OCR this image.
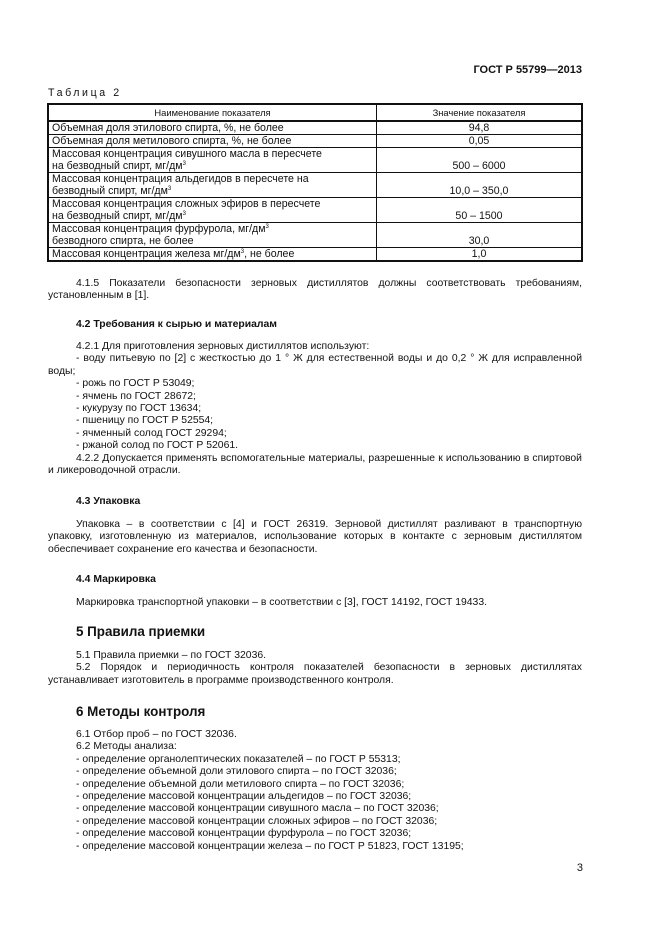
ГОСТ Р 55799—2013
Таблица 2
Наименование показателя	Значение показателя
Объемная доля этилового спирта, %, не более	94,8
Объемная доля метилового спирта, %, не более	0,05
Массовая концентрация сивушного масла в пересчете
на безводный спирт, $мг/дм^3$	500 – 6000
Массовая концентрация альдегидов в пересчете на
безводный спирт, $мг/дм^3$	10,0 – 350,0
Массовая концентрация сложных эфиров в пересчете
на безводный спирт, $мг/дм^3$	50 – 1500
Массовая концентрация фурфурола, $мг/дм^3$
безводного спирта, не более	30,0
Массовая концентрация железа $мг/дм^3$, не более	1,0
4.1.5 Показатели безопасности зерновых дистиллятов должны соответствовать требованиям, установленным в [1].
4.2 Требования к сырью и материалам
4.2.1 Для приготовления зерновых дистиллятов используют:
- воду питьевую по [2] с жесткостью до 1 ° Ж для естественной воды и до 0,2 ° Ж для исправленной воды;
- рожь по ГОСТ Р 53049;
- ячмень по ГОСТ 28672;
- кукурузу по ГОСТ 13634;
- пшеницу по ГОСТ Р 52554;
- ячменный солод ГОСТ 29294;
- ржаной солод по ГОСТ Р 52061.
4.2.2 Допускается применять вспомогательные материалы, разрешенные к использованию в спиртовой и ликероводочной отрасли.
4.3 Упаковка
Упаковка – в соответствии с [4] и ГОСТ 26319. Зерновой дистиллят разливают в транспортную упаковку, изготовленную из материалов, использование которых в контакте с зерновым дистиллятом обеспечивает сохранение его качества и безопасности.
4.4 Маркировка
Маркировка транспортной упаковки – в соответствии с [3], ГОСТ 14192, ГОСТ 19433.
5 Правила приемки
5.1 Правила приемки – по ГОСТ 32036.
5.2 Порядок и периодичность контроля показателей безопасности в зерновых дистиллятах устанавливает изготовитель в программе производственного контроля.
6 Методы контроля
6.1 Отбор проб – по ГОСТ 32036.
6.2 Методы анализа:
- определение органолептических показателей – по ГОСТ Р 55313;
- определение объемной доли этилового спирта – по ГОСТ 32036;
- определение объемной доли метилового спирта – по ГОСТ 32036;
- определение массовой концентрации альдегидов – по ГОСТ 32036;
- определение массовой концентрации сивушного масла – по ГОСТ 32036;
- определение массовой концентрации сложных эфиров – по ГОСТ 32036;
- определение массовой концентрации фурфурола – по ГОСТ 32036;
- определение массовой концентрации железа – по ГОСТ Р 51823, ГОСТ 13195;
3
